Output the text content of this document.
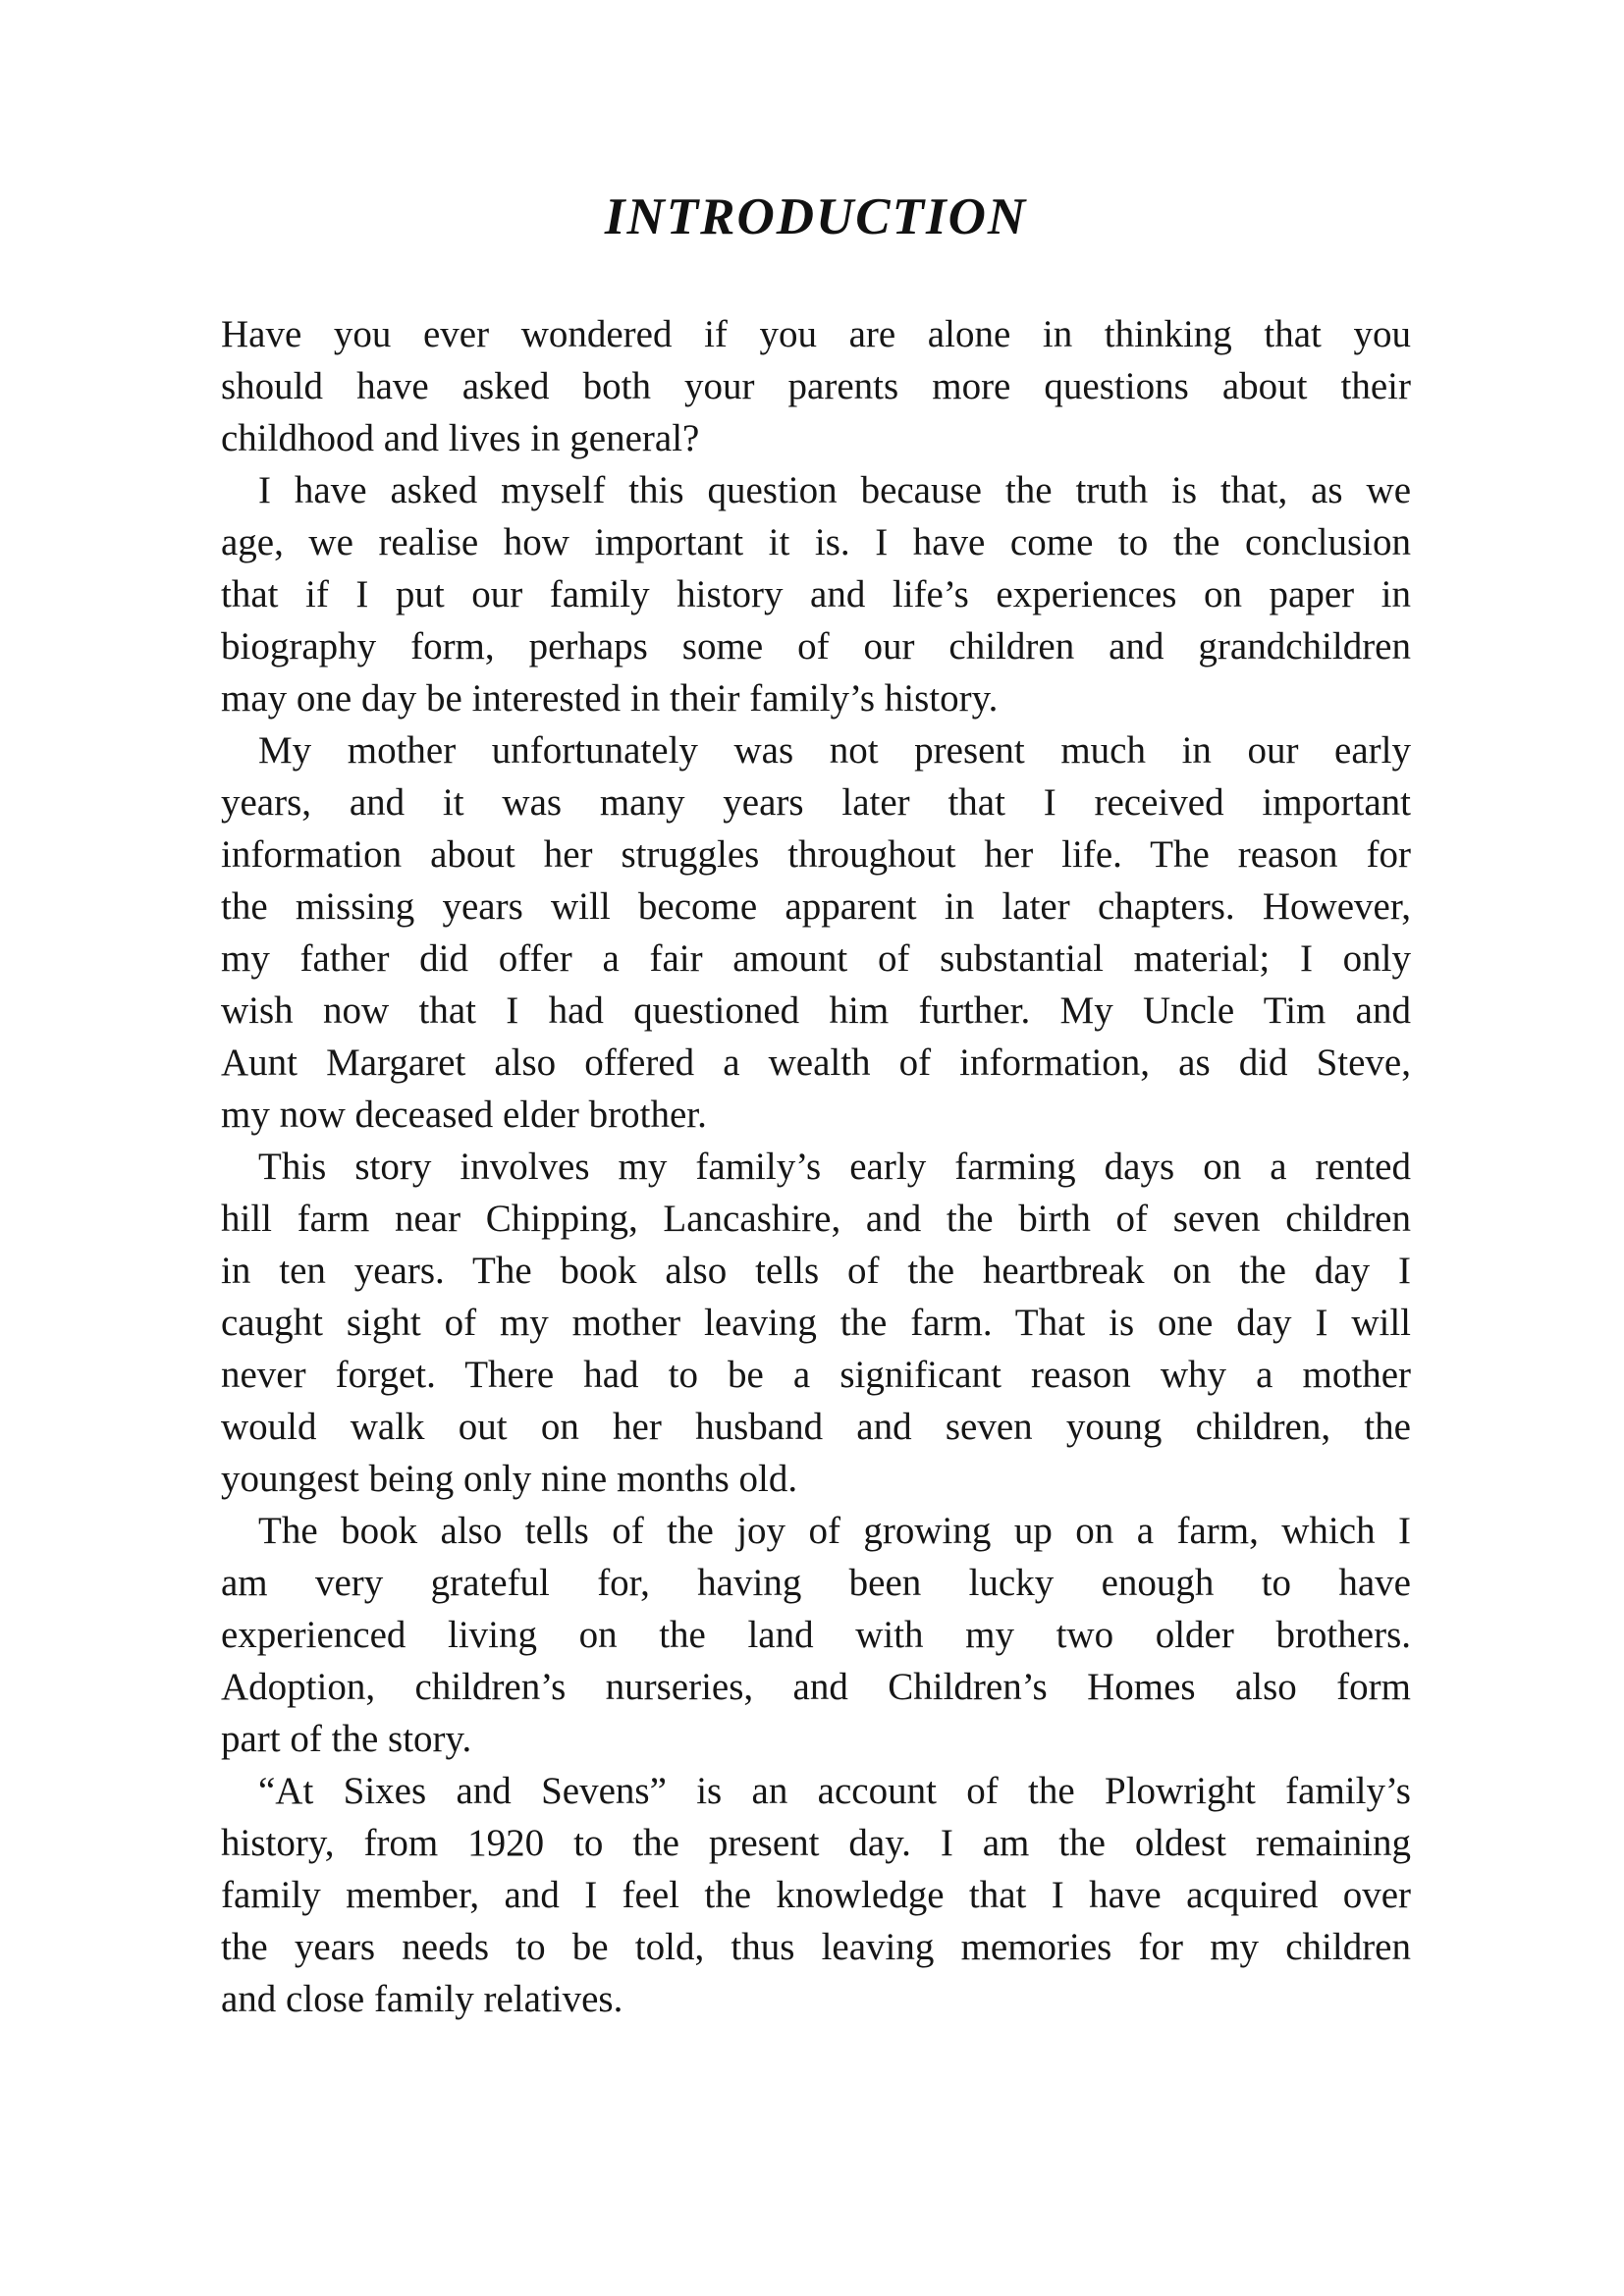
INTRODUCTION
Have you ever wondered if you are alone in thinking that you
should have asked both your parents more questions about their
childhood and lives in general?
I have asked myself this question because the truth is that, as we
age, we realise how important it is. I have come to the conclusion
that if I put our family history and life’s experiences on paper in
biography form, perhaps some of our children and grandchildren
may one day be interested in their family’s history.
My mother unfortunately was not present much in our early
years, and it was many years later that I received important
information about her struggles throughout her life. The reason for
the missing years will become apparent in later chapters. However,
my father did offer a fair amount of substantial material; I only
wish now that I had questioned him further. My Uncle Tim and
Aunt Margaret also offered a wealth of information, as did Steve,
my now deceased elder brother.
This story involves my family’s early farming days on a rented
hill farm near Chipping, Lancashire, and the birth of seven children
in ten years. The book also tells of the heartbreak on the day I
caught sight of my mother leaving the farm. That is one day I will
never forget. There had to be a significant reason why a mother
would walk out on her husband and seven young children, the
youngest being only nine months old.
The book also tells of the joy of growing up on a farm, which I
am very grateful for, having been lucky enough to have
experienced living on the land with my two older brothers.
Adoption, children’s nurseries, and Children’s Homes also form
part of the story.
“At Sixes and Sevens” is an account of the Plowright family’s
history, from 1920 to the present day. I am the oldest remaining
family member, and I feel the knowledge that I have acquired over
the years needs to be told, thus leaving memories for my children
and close family relatives.
